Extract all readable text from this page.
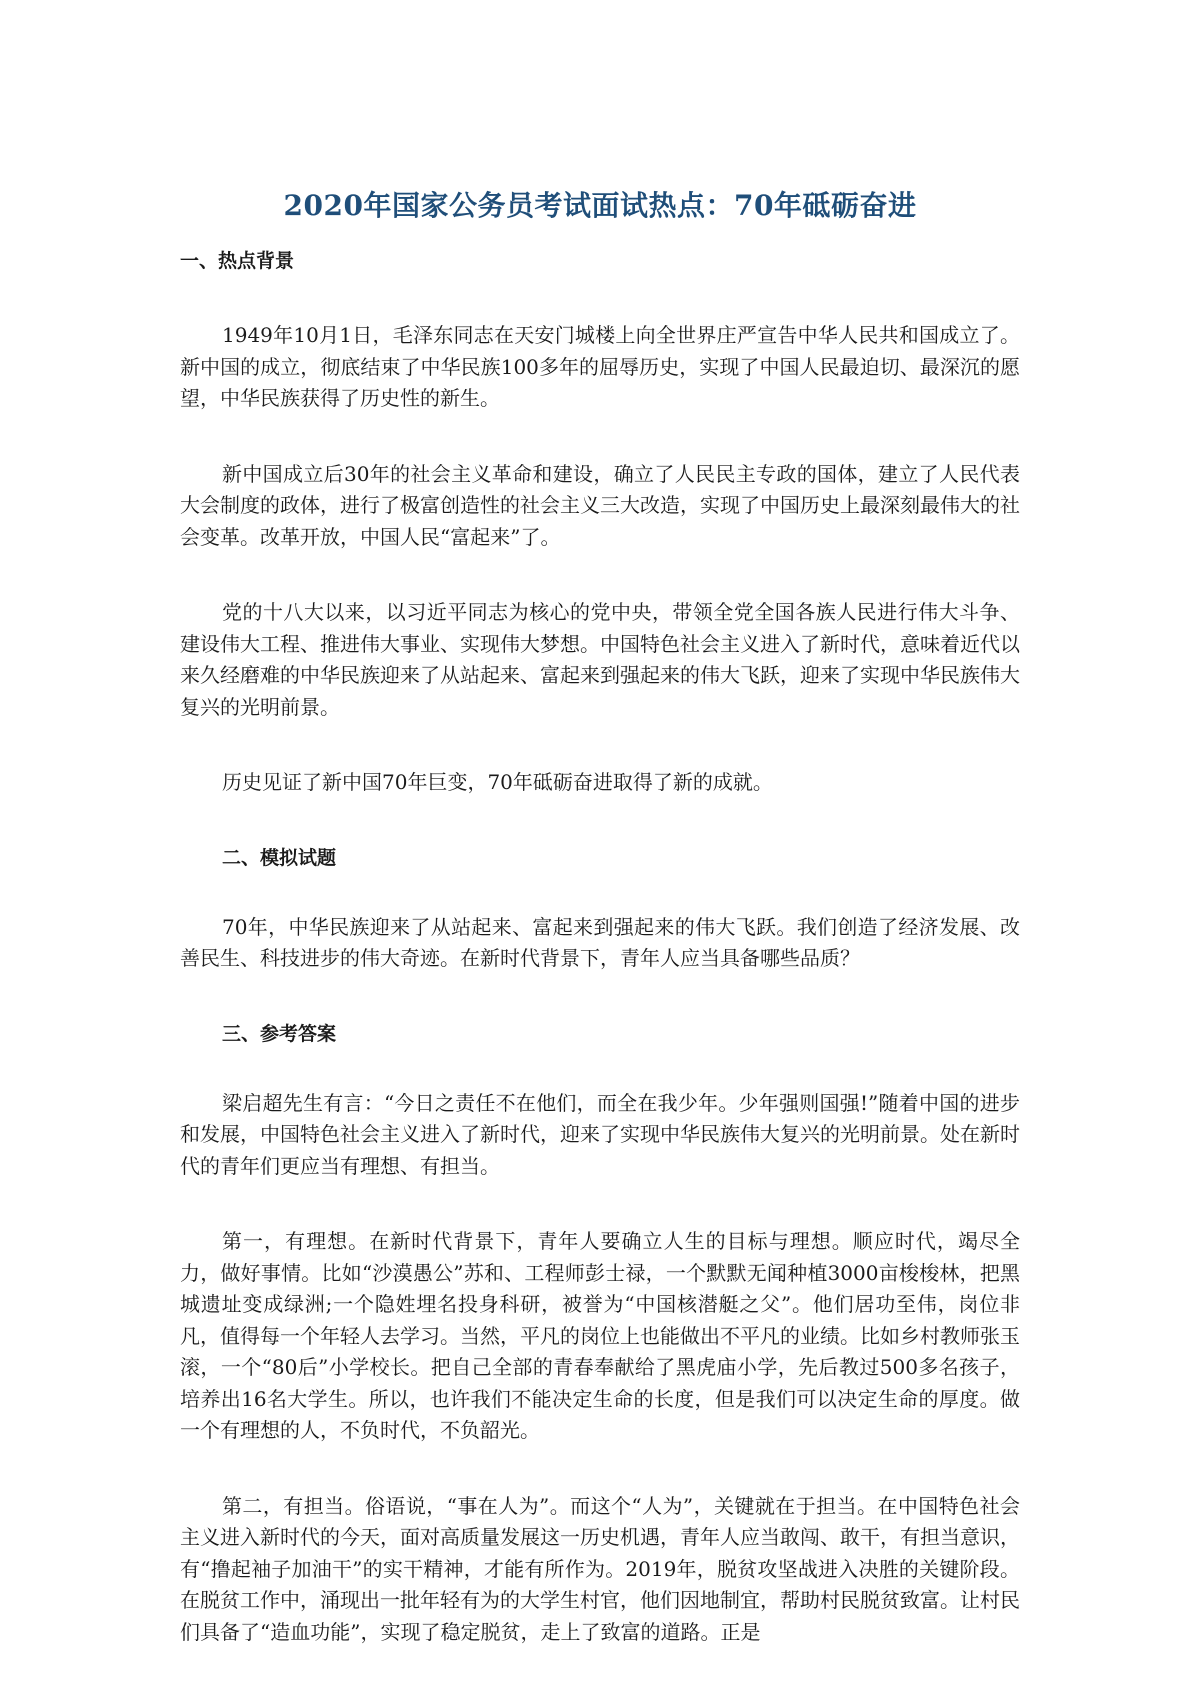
2020年国家公务员考试面试热点：70年砥砺奋进
一、热点背景

1949年10月1日，毛泽东同志在天安门城楼上向全世界庄严宣告中华人民共和国成立了。新中国的成立，彻底结束了中华民族100多年的屈辱历史，实现了中国人民最迫切、最深沉的愿望，中华民族获得了历史性的新生。

新中国成立后30年的社会主义革命和建设，确立了人民民主专政的国体，建立了人民代表大会制度的政体，进行了极富创造性的社会主义三大改造，实现了中国历史上最深刻最伟大的社会变革。改革开放，中国人民“富起来”了。

党的十八大以来，以习近平同志为核心的党中央，带领全党全国各族人民进行伟大斗争、建设伟大工程、推进伟大事业、实现伟大梦想。中国特色社会主义进入了新时代，意味着近代以来久经磨难的中华民族迎来了从站起来、富起来到强起来的伟大飞跃，迎来了实现中华民族伟大复兴的光明前景。

历史见证了新中国70年巨变，70年砥砺奋进取得了新的成就。

二、模拟试题

70年，中华民族迎来了从站起来、富起来到强起来的伟大飞跃。我们创造了经济发展、改善民生、科技进步的伟大奇迹。在新时代背景下，青年人应当具备哪些品质？

三、参考答案

梁启超先生有言：“今日之责任不在他们，而全在我少年。少年强则国强!”随着中国的进步和发展，中国特色社会主义进入了新时代，迎来了实现中华民族伟大复兴的光明前景。处在新时代的青年们更应当有理想、有担当。

第一，有理想。在新时代背景下，青年人要确立人生的目标与理想。顺应时代，竭尽全力，做好事情。比如“沙漠愚公”苏和、工程师彭士禄，一个默默无闻种植3000亩梭梭林，把黑城遗址变成绿洲;一个隐姓埋名投身科研，被誉为“中国核潜艇之父”。他们居功至伟，岗位非凡，值得每一个年轻人去学习。当然，平凡的岗位上也能做出不平凡的业绩。比如乡村教师张玉滚，一个“80后”小学校长。把自己全部的青春奉献给了黑虎庙小学，先后教过500多名孩子，培养出16名大学生。所以，也许我们不能决定生命的长度，但是我们可以决定生命的厚度。做一个有理想的人，不负时代，不负韶光。

第二，有担当。俗语说，“事在人为”。而这个“人为”，关键就在于担当。在中国特色社会主义进入新时代的今天，面对高质量发展这一历史机遇，青年人应当敢闯、敢干，有担当意识，有“撸起袖子加油干”的实干精神，才能有所作为。2019年，脱贫攻坚战进入决胜的关键阶段。在脱贫工作中，涌现出一批年轻有为的大学生村官，他们因地制宜，帮助村民脱贫致富。让村民们具备了“造血功能”，实现了稳定脱贫，走上了致富的道路。正是
